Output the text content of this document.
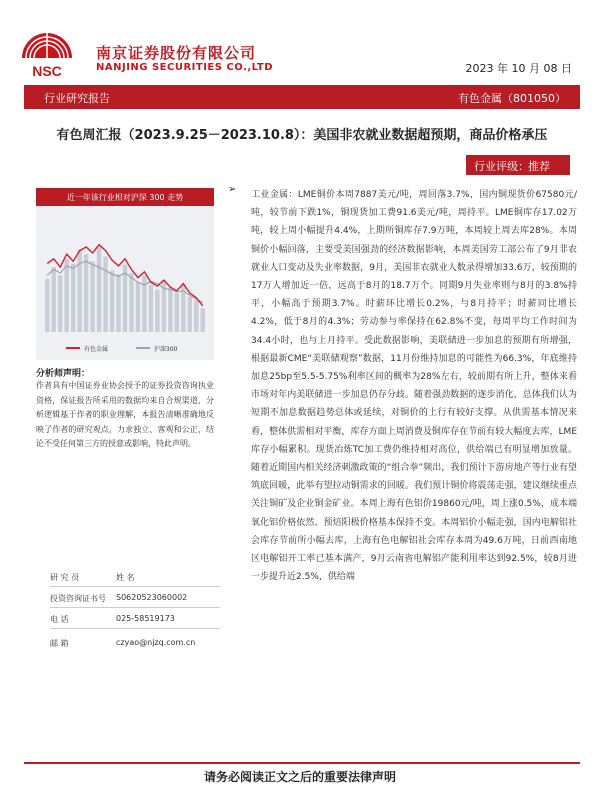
NSC
南京证券股份有限公司
NANJING SECURITIES CO.,LTD	2023 年 10 月 08 日
行业研究报告	有色金属（801050）
有色周汇报（2023.9.25－2023.10.8）：美国非农就业数据超预期，商品价格承压
行业评级： 推荐
近一年该行业相对沪深 300 走势
有色金属	沪深300
分析师声明：
作者具有中国证券业协会授予的证券投资咨询执业资格，保证报告所采用的数据均来自合规渠道，分析逻辑基于作者的职业理解，本报告清晰准确地反映了作者的研究观点，力求独立、客观和公正，结论不受任何第三方的授意或影响，特此声明。
研 究 员	姓 名
投资咨询证书号 S0620523060002
电 话	025-58519173
邮 箱	czyao@njzq.com.cn
➢ 工业金属：LME铜价本周7887美元/吨，周回落3.7%，国内铜现货价67580元/吨，较节前下跌1%，铜现货加工费91.6美元/吨，周持平。LME铜库存17.02万吨，较上周小幅提升4.4%，上期所铜库存7.9万吨，本周较上周去库28%。本周铜价小幅回落，主要受美国强劲的经济数据影响，本周美国劳工部公布了9月非农就业人口变动及失业率数据，9月，美国非农就业人数录得增加33.6万，较预期的17万人增加近一倍，远高于8月的18.7万个。同期9月失业率则与8月的3.8%持平，小幅高于预期3.7%。时薪环比增长0.2%，与8月持平；时薪同比增长4.2%，低于8月的4.3%；劳动参与率保持在62.8%不变，每周平均工作时间为34.4小时，也与上月持平。受此数据影响，美联储进一步加息的预期有所增强，根据最新CME“美联储观察”数据，11月份维持加息的可能性为66.3%，年底维持加息25bp至5.5-5.75%利率区间的概率为28%左右，较前期有所上升，整体来看市场对年内美联储进一步加息仍存分歧。随着强劲数据的逐步消化，总体我们认为短期不加息数据趋势总体或延续，对铜价的上行有较好支撑。从供需基本情况来看，整体供需相对平衡，库存方面上周消费及铜库存在节前有较大幅度去库，LME库存小幅累积。现货冶炼TC加工费仍维持相对高位，供给端已有明显增加放量。随着近期国内相关经济刺激政策的“组合拳”频出，我们预计下游房地产等行业有望筑底回暖，此举有望拉动铜需求的回暖。我们预计铜价将震荡走强，建议继续重点关注铜矿及企业铜金矿业。本周上海有色铝价19860元/吨，周上涨0.5%，成本端氧化铝价格依然、预焙阳极价格基本保持不变。本周铝价小幅走强，国内电解铝社会库存节前所小幅去库，上海有色电解铝社会库存本周为49.6万吨，日前西南地区电解铝开工率已基本满产，9月云南省电解铝产能利用率达到92.5%，较8月进一步提升近2.5%，供给端
请务必阅读正文之后的重要法律声明
